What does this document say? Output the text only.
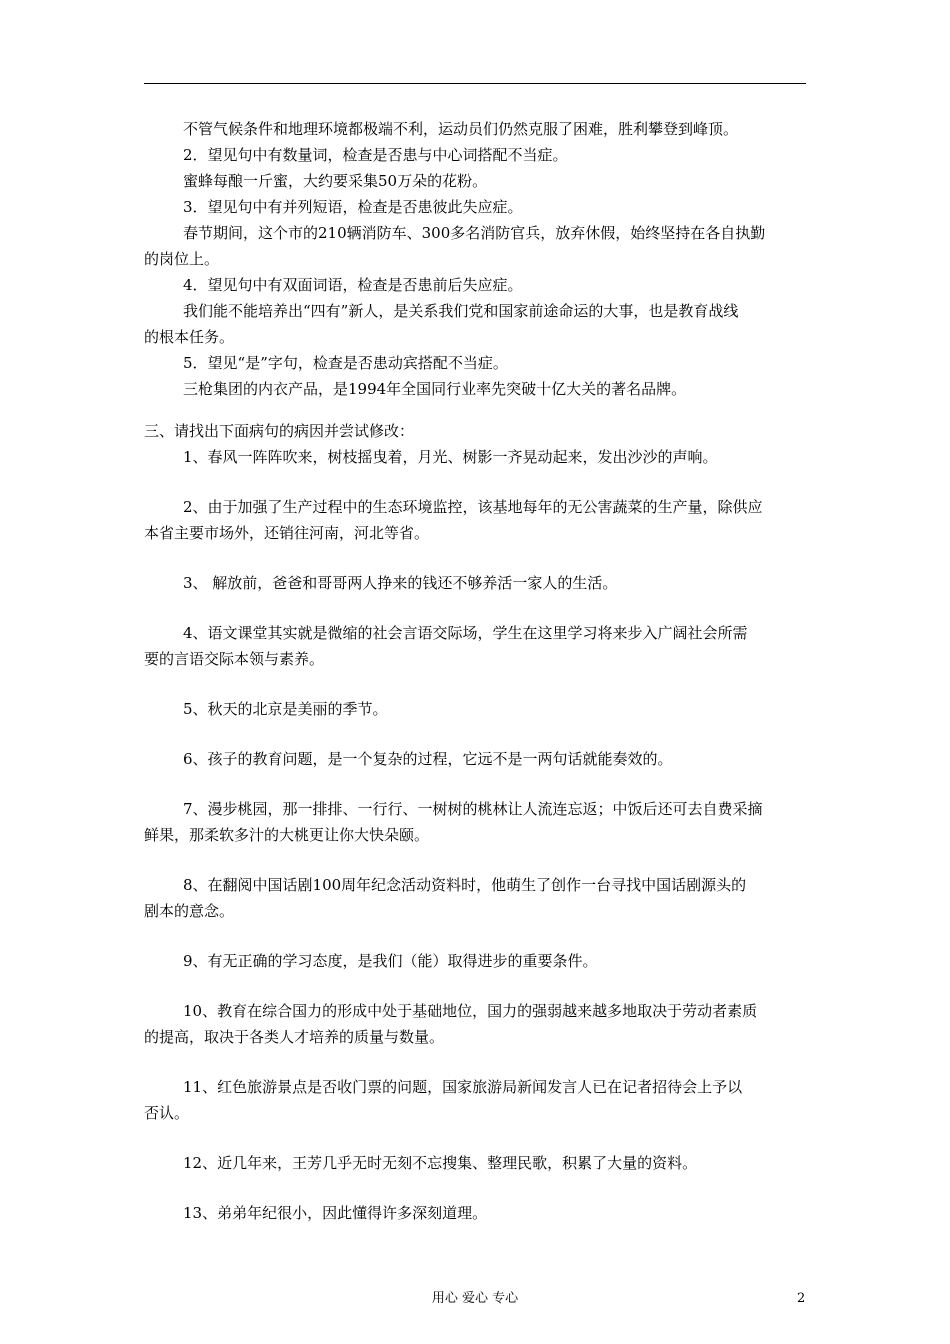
不管气候条件和地理环境都极端不利，运动员们仍然克服了困难，胜利攀登到峰顶。
2．望见句中有数量词，检查是否患与中心词搭配不当症。
蜜蜂每酿一斤蜜，大约要采集50万朵的花粉。
3．望见句中有并列短语，检查是否患彼此失应症。
春节期间，这个市的210辆消防车、300多名消防官兵，放弃休假，始终坚持在各自执勤
的岗位上。
4．望见句中有双面词语，检查是否患前后失应症。
我们能不能培养出“四有”新人，是关系我们党和国家前途命运的大事，也是教育战线
的根本任务。
5．望见“是”字句，检查是否患动宾搭配不当症。
三枪集团的内衣产品，是1994年全国同行业率先突破十亿大关的著名品牌。
三、请找出下面病句的病因并尝试修改：
1、春风一阵阵吹来，树枝摇曳着，月光、树影一齐晃动起来，发出沙沙的声响。
2、由于加强了生产过程中的生态环境监控，该基地每年的无公害蔬菜的生产量，除供应
本省主要市场外，还销往河南，河北等省。
3、 解放前，爸爸和哥哥两人挣来的钱还不够养活一家人的生活。
4、语文课堂其实就是微缩的社会言语交际场，学生在这里学习将来步入广阔社会所需
要的言语交际本领与素养。
5、秋天的北京是美丽的季节。
6、孩子的教育问题，是一个复杂的过程，它远不是一两句话就能奏效的。
7、漫步桃园，那一排排、一行行、一树树的桃林让人流连忘返；中饭后还可去自费采摘
鲜果，那柔软多汁的大桃更让你大快朵颐。
8、在翻阅中国话剧100周年纪念活动资料时，他萌生了创作一台寻找中国话剧源头的
剧本的意念。
9、有无正确的学习态度，是我们（能）取得进步的重要条件。
10、教育在综合国力的形成中处于基础地位，国力的强弱越来越多地取决于劳动者素质
的提高，取决于各类人才培养的质量与数量。
11、红色旅游景点是否收门票的问题，国家旅游局新闻发言人已在记者招待会上予以
否认。
12、近几年来，王芳几乎无时无刻不忘搜集、整理民歌，积累了大量的资料。
13、弟弟年纪很小，因此懂得许多深刻道理。
用心 爱心 专心	2
